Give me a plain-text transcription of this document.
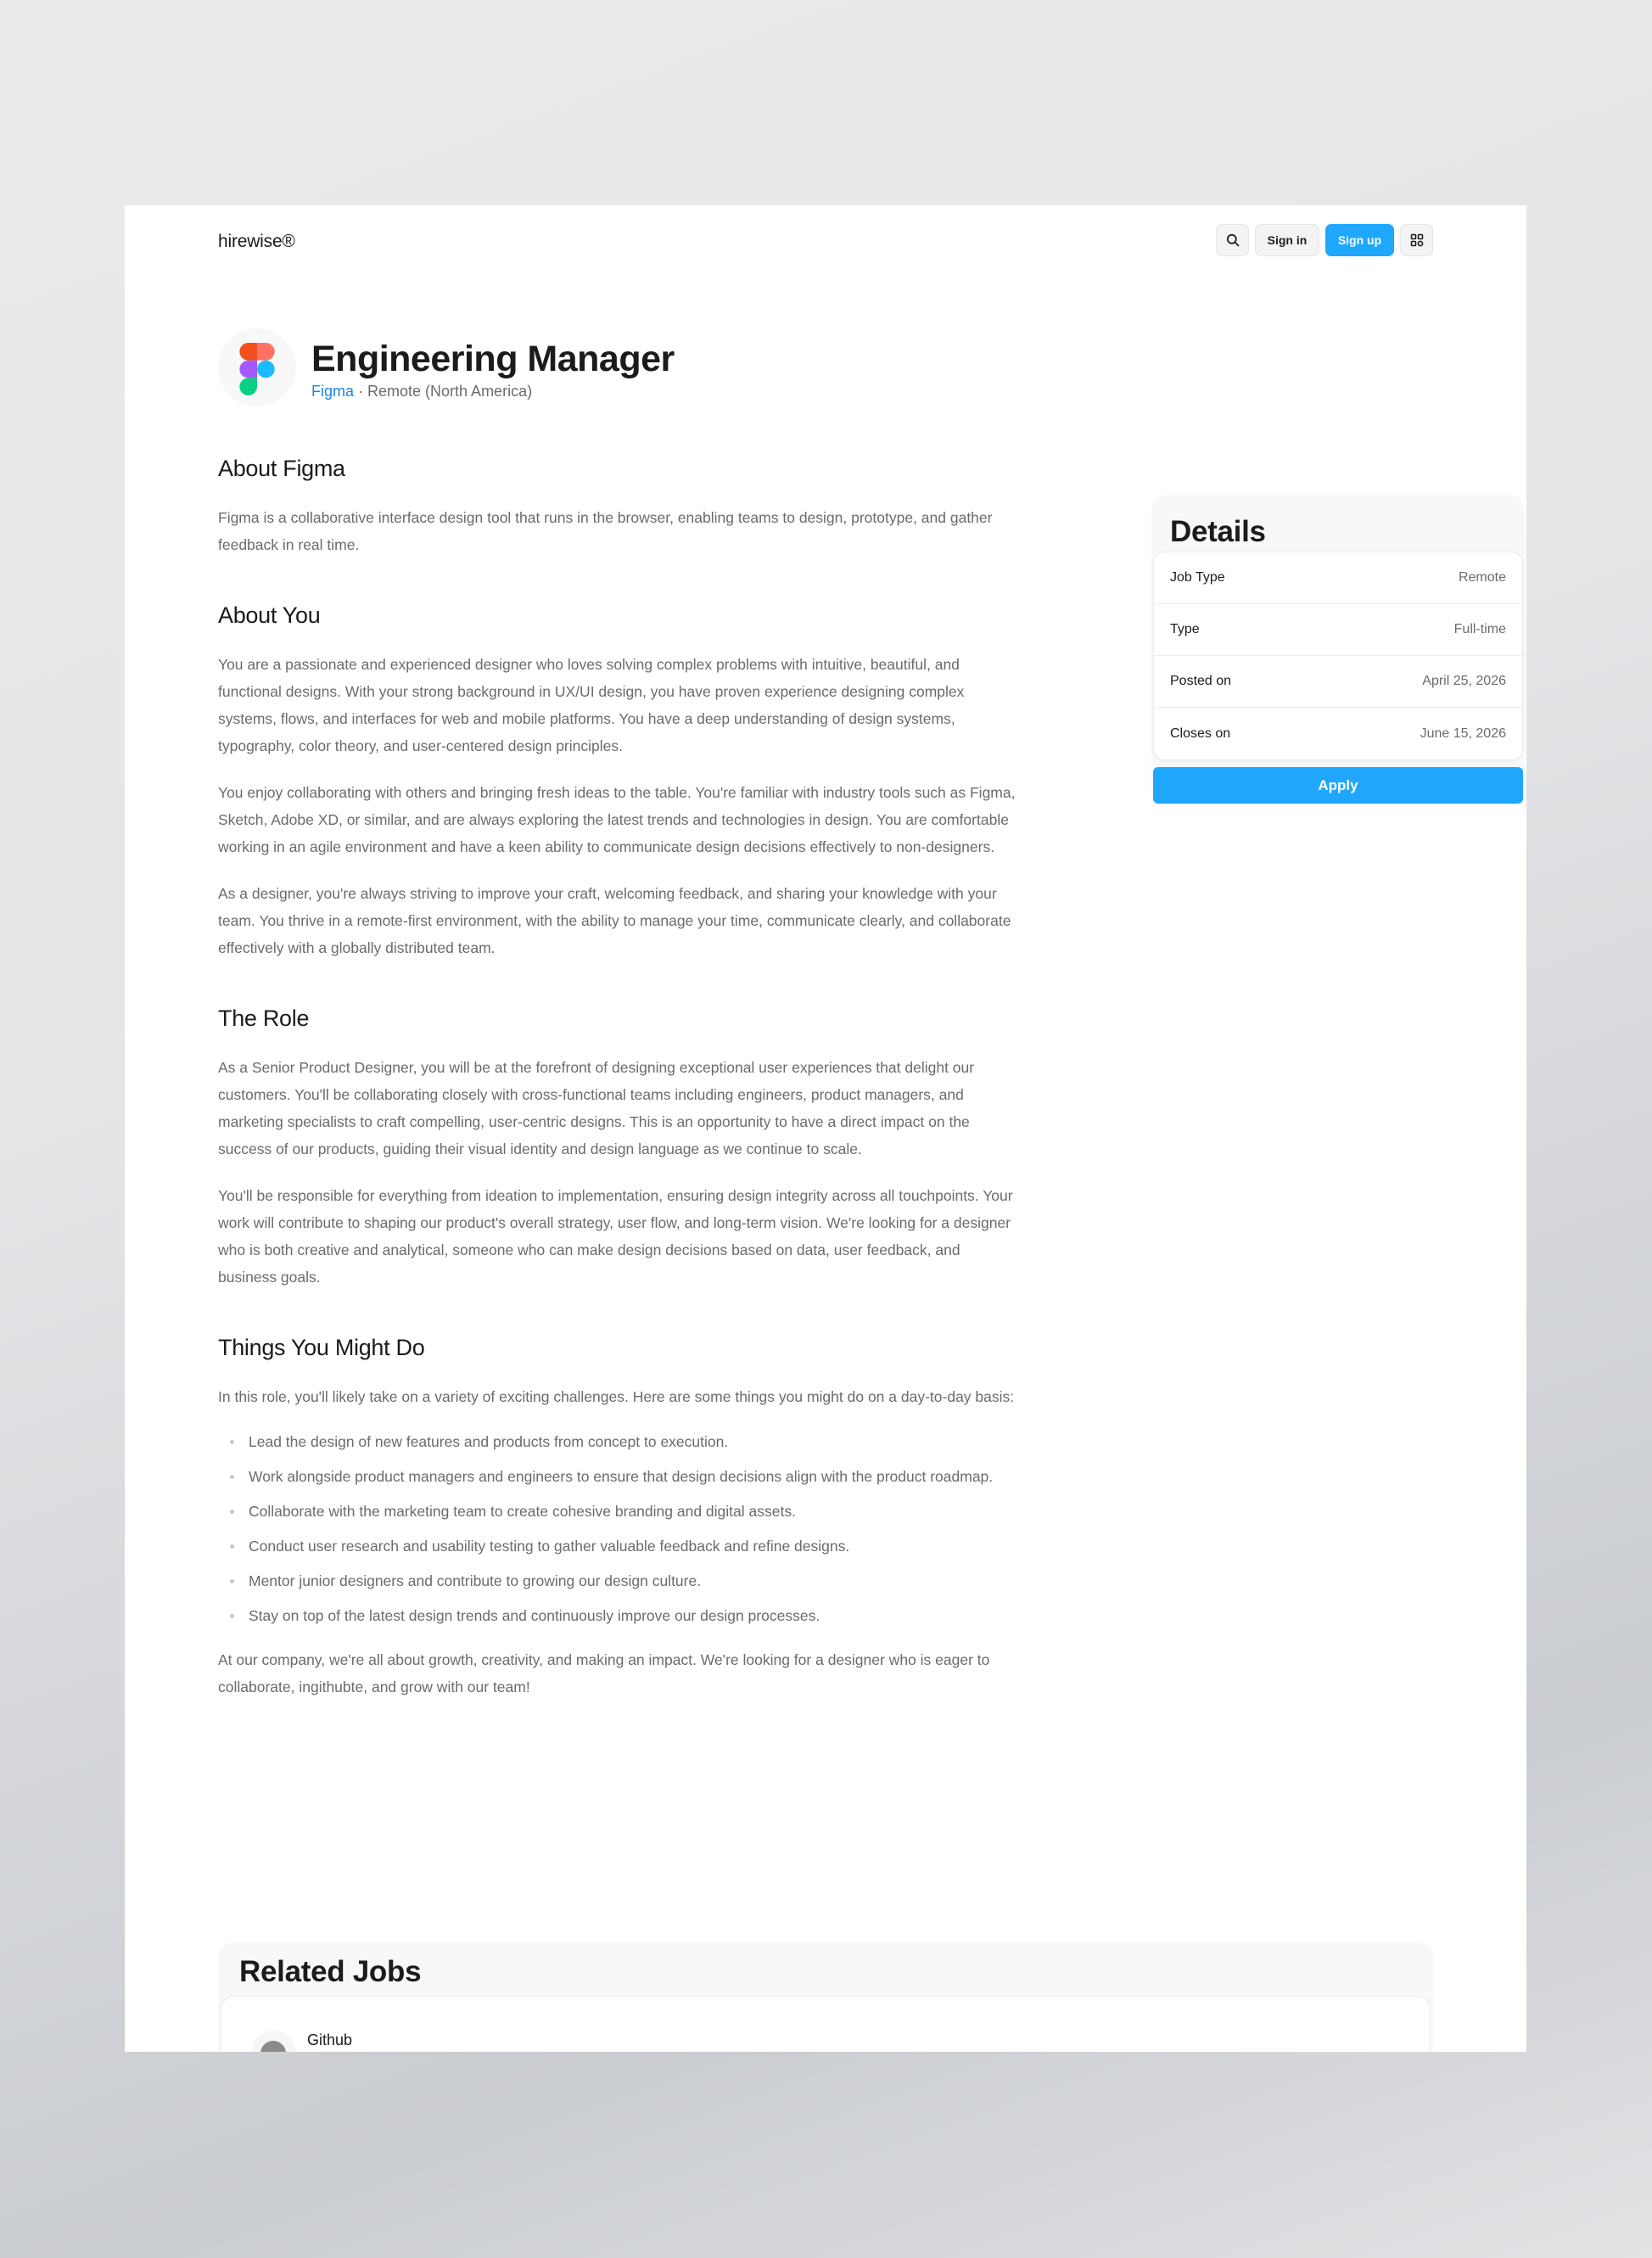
hirewise®	Sign in	Sign up
Engineering Manager
Figma · Remote (North America)
About Figma

Figma is a collaborative interface design tool that runs in the browser, enabling teams to design, prototype, and gather feedback in real time.

About You

You are a passionate and experienced designer who loves solving complex problems with intuitive, beautiful, and functional designs. With your strong background in UX/UI design, you have proven experience designing complex systems, flows, and interfaces for web and mobile platforms. You have a deep understanding of design systems, typography, color theory, and user-centered design principles.

You enjoy collaborating with others and bringing fresh ideas to the table. You're familiar with industry tools such as Figma, Sketch, Adobe XD, or similar, and are always exploring the latest trends and technologies in design. You are comfortable working in an agile environment and have a keen ability to communicate design decisions effectively to non-designers.

As a designer, you're always striving to improve your craft, welcoming feedback, and sharing your knowledge with your team. You thrive in a remote-first environment, with the ability to manage your time, communicate clearly, and collaborate effectively with a globally distributed team.

The Role

As a Senior Product Designer, you will be at the forefront of designing exceptional user experiences that delight our customers. You'll be collaborating closely with cross-functional teams including engineers, product managers, and marketing specialists to craft compelling, user-centric designs. This is an opportunity to have a direct impact on the success of our products, guiding their visual identity and design language as we continue to scale.

You'll be responsible for everything from ideation to implementation, ensuring design integrity across all touchpoints. Your work will contribute to shaping our product's overall strategy, user flow, and long-term vision. We're looking for a designer who is both creative and analytical, someone who can make design decisions based on data, user feedback, and business goals.

Things You Might Do

In this role, you'll likely take on a variety of exciting challenges. Here are some things you might do on a day-to-day basis:

Lead the design of new features and products from concept to execution.
Work alongside product managers and engineers to ensure that design decisions align with the product roadmap.
Collaborate with the marketing team to create cohesive branding and digital assets.
Conduct user research and usability testing to gather valuable feedback and refine designs.
Mentor junior designers and contribute to growing our design culture.
Stay on top of the latest design trends and continuously improve our design processes.

At our company, we're all about growth, creativity, and making an impact. We're looking for a designer who is eager to collaborate, ingithubte, and grow with our team!

Details
Job Type	Remote
Type	Full-time
Posted on	April 25, 2026
Closes on	June 15, 2026
Apply
Related Jobs
Github
